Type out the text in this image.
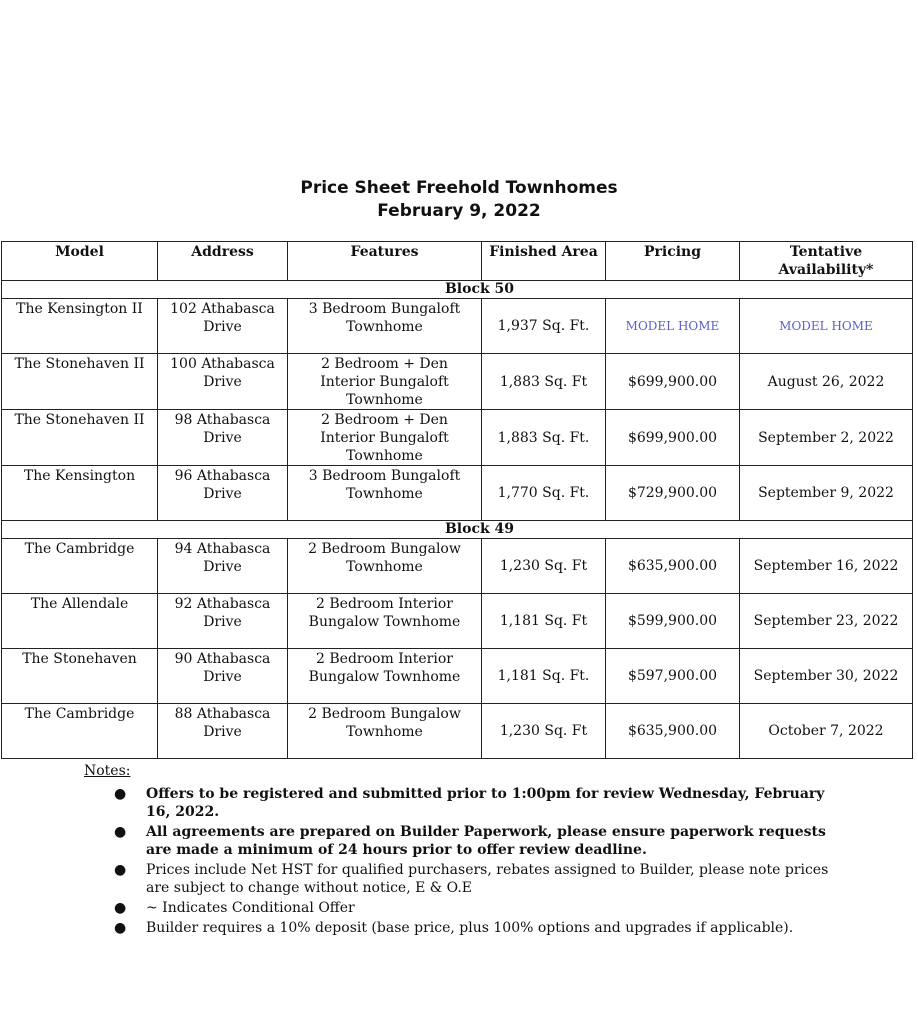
Price Sheet Freehold Townhomes
February 9, 2022
Model	Address	Features	Finished Area	Pricing	Tentative Availability*
		Block 50			
The Kensington II	102 Athabasca Drive	3 Bedroom Bungaloft Townhome	1,937 Sq. Ft.	MODEL HOME	MODEL HOME
The Stonehaven II	100 Athabasca Drive	2 Bedroom + Den Interior Bungaloft Townhome	1,883 Sq. Ft	$699,900.00	August 26, 2022
The Stonehaven II	98 Athabasca Drive	2 Bedroom + Den Interior Bungaloft Townhome	1,883 Sq. Ft.	$699,900.00	September 2, 2022
The Kensington	96 Athabasca Drive	3 Bedroom Bungaloft Townhome	1,770 Sq. Ft.	$729,900.00	September 9, 2022
		Block 49			
The Cambridge	94 Athabasca Drive	2 Bedroom Bungalow Townhome	1,230 Sq. Ft	$635,900.00	September 16, 2022
The Allendale	92 Athabasca Drive	2 Bedroom Interior Bungalow Townhome	1,181 Sq. Ft	$599,900.00	September 23, 2022
The Stonehaven	90 Athabasca Drive	2 Bedroom Interior Bungalow Townhome	1,181 Sq. Ft.	$597,900.00	September 30, 2022
The Cambridge	88 Athabasca Drive	2 Bedroom Bungalow Townhome	1,230 Sq. Ft	$635,900.00	October 7, 2022
Notes:
● Offers to be registered and submitted prior to 1:00pm for review Wednesday, February 16, 2022.
● All agreements are prepared on Builder Paperwork, please ensure paperwork requests are made a minimum of 24 hours prior to offer review deadline.
● Prices include Net HST for qualified purchasers, rebates assigned to Builder, please note prices are subject to change without notice, E & O.E
● ~ Indicates Conditional Offer
● Builder requires a 10% deposit (base price, plus 100% options and upgrades if applicable).
